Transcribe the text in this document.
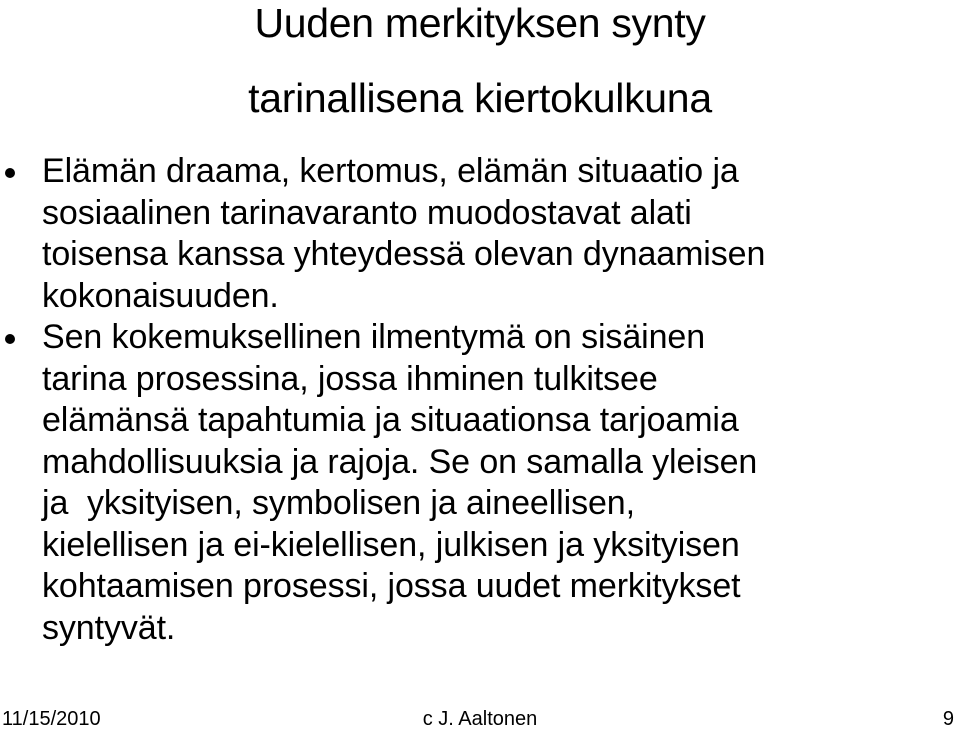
Uuden merkityksen synty
tarinallisena kiertokulkuna
Elämän draama, kertomus, elämän situaatio ja
sosiaalinen tarinavaranto muodostavat alati
toisensa kanssa yhteydessä olevan dynaamisen
kokonaisuuden.
Sen kokemuksellinen ilmentymä on sisäinen
tarina prosessina, jossa ihminen tulkitsee
elämänsä tapahtumia ja situaationsa tarjoamia
mahdollisuuksia ja rajoja. Se on samalla yleisen
ja  yksityisen, symbolisen ja aineellisen,
kielellisen ja ei-kielellisen, julkisen ja yksityisen
kohtaamisen prosessi, jossa uudet merkitykset
syntyvät.
11/15/2010	c J. Aaltonen	9
